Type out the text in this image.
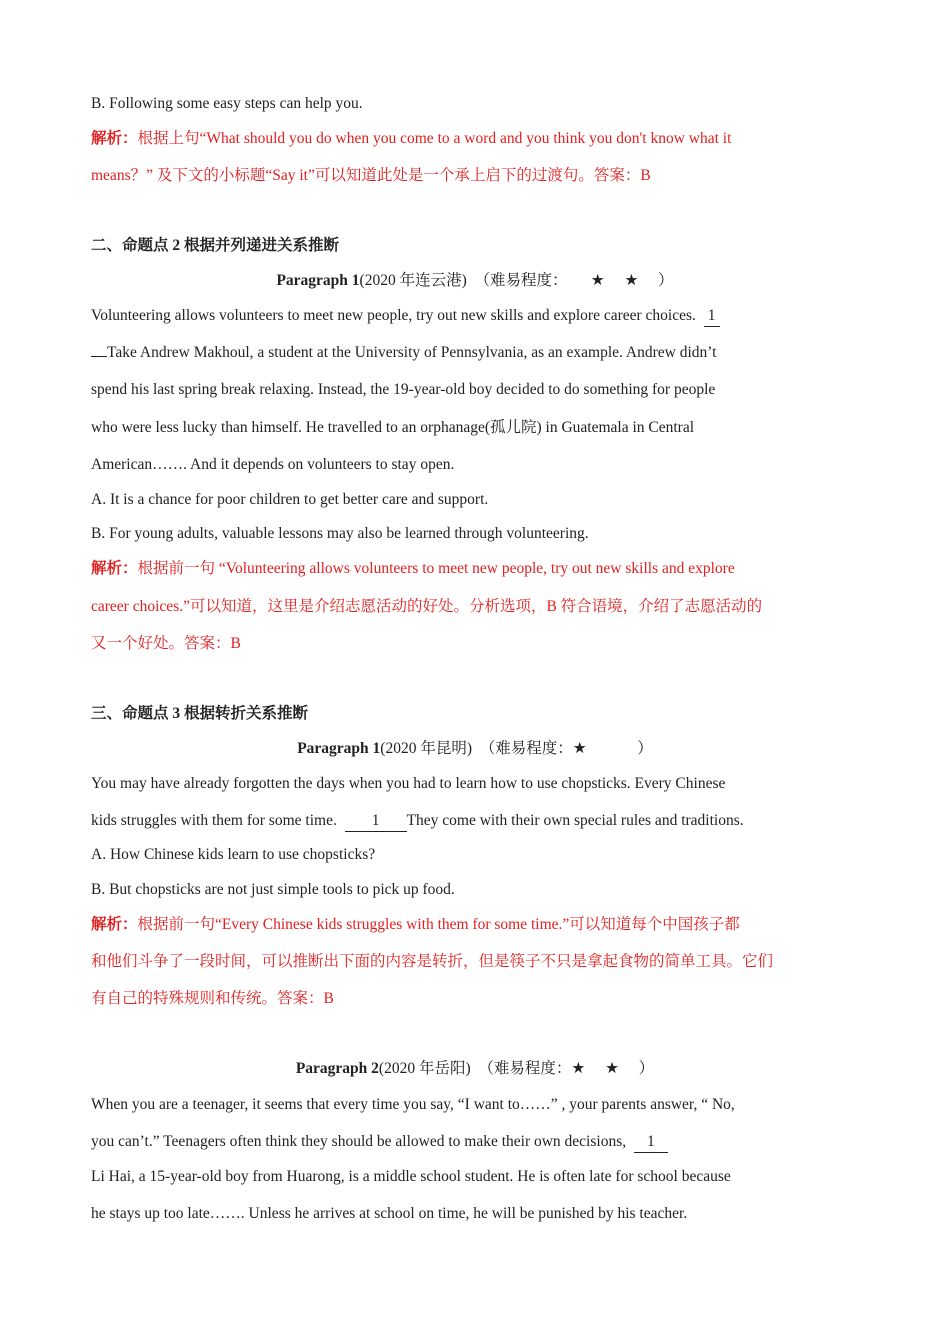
B. Following some easy steps can help you.
解析：根据上句“What should you do when you come to a word and you think you don't know what it
means？” 及下文的小标题“Say it”可以知道此处是一个承上启下的过渡句。答案：B
二、命题点 2 根据并列递进关系推断
Paragraph 1(2020 年连云港) （难易程度： ★ ★ ）
Volunteering allows volunteers to meet new people, try out new skills and explore career choices. 1
Take Andrew Makhoul, a student at the University of Pennsylvania, as an example. Andrew didn’t
spend his last spring break relaxing. Instead, the 19-year-old boy decided to do something for people
who were less lucky than himself. He travelled to an orphanage(孤儿院) in Guatemala in Central
American……. And it depends on volunteers to stay open.
A. It is a chance for poor children to get better care and support.
B. For young adults, valuable lessons may also be learned through volunteering.
解析：根据前一句 “Volunteering allows volunteers to meet new people, try out new skills and explore
career choices.”可以知道，这里是介绍志愿活动的好处。分析选项，B 符合语境，介绍了志愿活动的
又一个好处。答案：B
三、命题点 3 根据转折关系推断
Paragraph 1(2020 年昆明) （难易程度：★	）
You may have already forgotten the days when you had to learn how to use chopsticks. Every Chinese
kids struggles with them for some time. 1 They come with their own special rules and traditions.
A. How Chinese kids learn to use chopsticks?
B. But chopsticks are not just simple tools to pick up food.
解析：根据前一句“Every Chinese kids struggles with them for some time.”可以知道每个中国孩子都
和他们斗争了一段时间，可以推断出下面的内容是转折，但是筷子不只是拿起食物的简单工具。它们
有自己的特殊规则和传统。答案：B
Paragraph 2(2020 年岳阳) （难易程度：★ ★ ）
When you are a teenager, it seems that every time you say, “I want to……” , your parents answer, “ No,
you can’t.” Teenagers often think they should be allowed to make their own decisions, 1
Li Hai, a 15-year-old boy from Huarong, is a middle school student. He is often late for school because
he stays up too late……. Unless he arrives at school on time, he will be punished by his teacher.
